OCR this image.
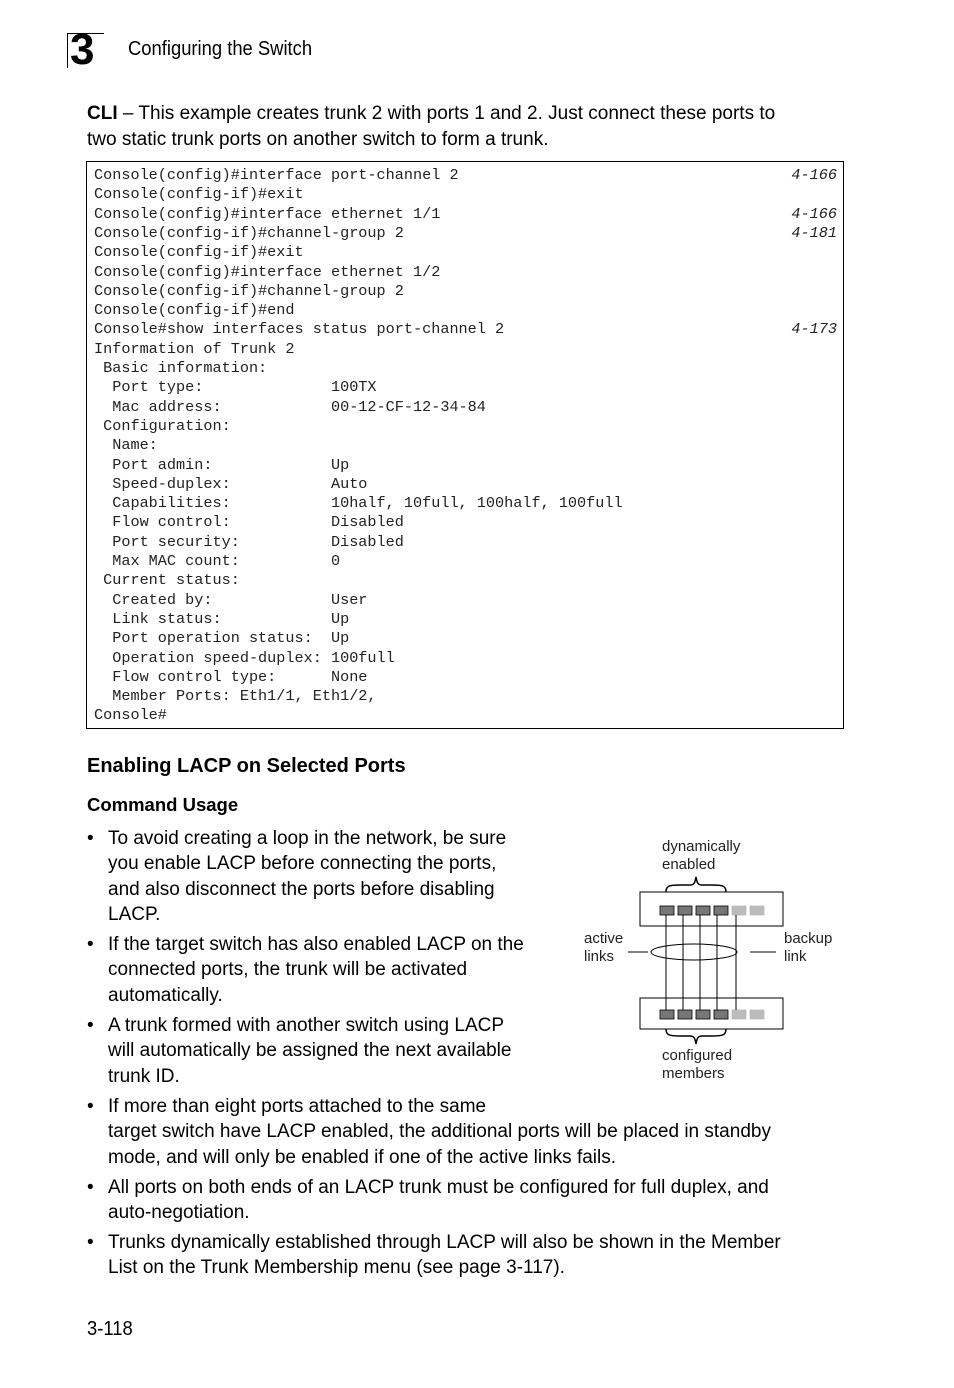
3 Configuring the Switch
CLI – This example creates trunk 2 with ports 1 and 2. Just connect these ports to
two static trunk ports on another switch to form a trunk.
Console(config)#interface port-channel 2	4-166
Console(config-if)#exit
Console(config)#interface ethernet 1/1	4-166
Console(config-if)#channel-group 2	4-181
Console(config-if)#exit
Console(config)#interface ethernet 1/2
Console(config-if)#channel-group 2
Console(config-if)#end
Console#show interfaces status port-channel 2	4-173
Information of Trunk 2
Basic information:
Port type:              100TX
Mac address:            00-12-CF-12-34-84
Configuration:
Name:
Port admin:             Up
Speed-duplex:           Auto
Capabilities:           10half, 10full, 100half, 100full
Flow control:           Disabled
Port security:          Disabled
Max MAC count:          0
Current status:
Created by:             User
Link status:            Up
Port operation status:  Up
Operation speed-duplex: 100full
Flow control type:      None
Member Ports: Eth1/1, Eth1/2,
Console#
Enabling LACP on Selected Ports
Command Usage
• To avoid creating a loop in the network, be sure
you enable LACP before connecting the ports,
and also disconnect the ports before disabling
LACP.
• If the target switch has also enabled LACP on the
connected ports, the trunk will be activated
automatically.
• A trunk formed with another switch using LACP
will automatically be assigned the next available
trunk ID.
• If more than eight ports attached to the same
target switch have LACP enabled, the additional ports will be placed in standby
mode, and will only be enabled if one of the active links fails.
• All ports on both ends of an LACP trunk must be configured for full duplex, and
auto-negotiation.
• Trunks dynamically established through LACP will also be shown in the Member
List on the Trunk Membership menu (see page 3-117).
dynamically
enabled
active
links
backup
link
configured
members
3-118
